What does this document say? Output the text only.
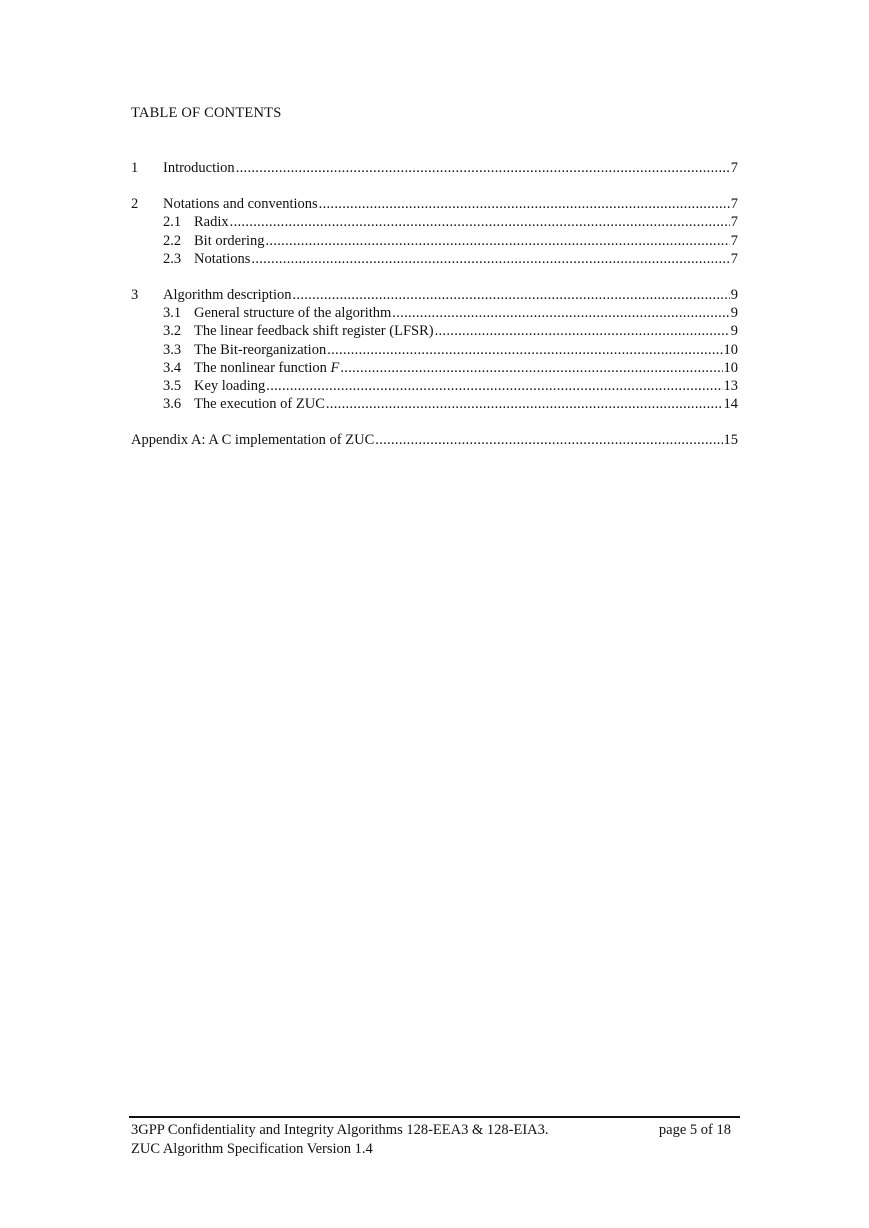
TABLE OF CONTENTS
1	Introduction .....	7
2	Notations and conventions .....	7
2.1 Radix .....	7
2.2 Bit ordering .....	7
2.3 Notations .....	7
3	Algorithm description .....	9
3.1 General structure of the algorithm .....	9
3.2 The linear feedback shift register (LFSR) .....	9
3.3 The Bit-reorganization .....	10
3.4 The nonlinear function F .....	10
3.5 Key loading .....	13
3.6 The execution of ZUC .....	14
Appendix A: A C implementation of ZUC .....	15
3GPP Confidentiality and Integrity Algorithms 128-EEA3 & 128-EIA3.	page 5 of 18
ZUC Algorithm Specification Version 1.4
